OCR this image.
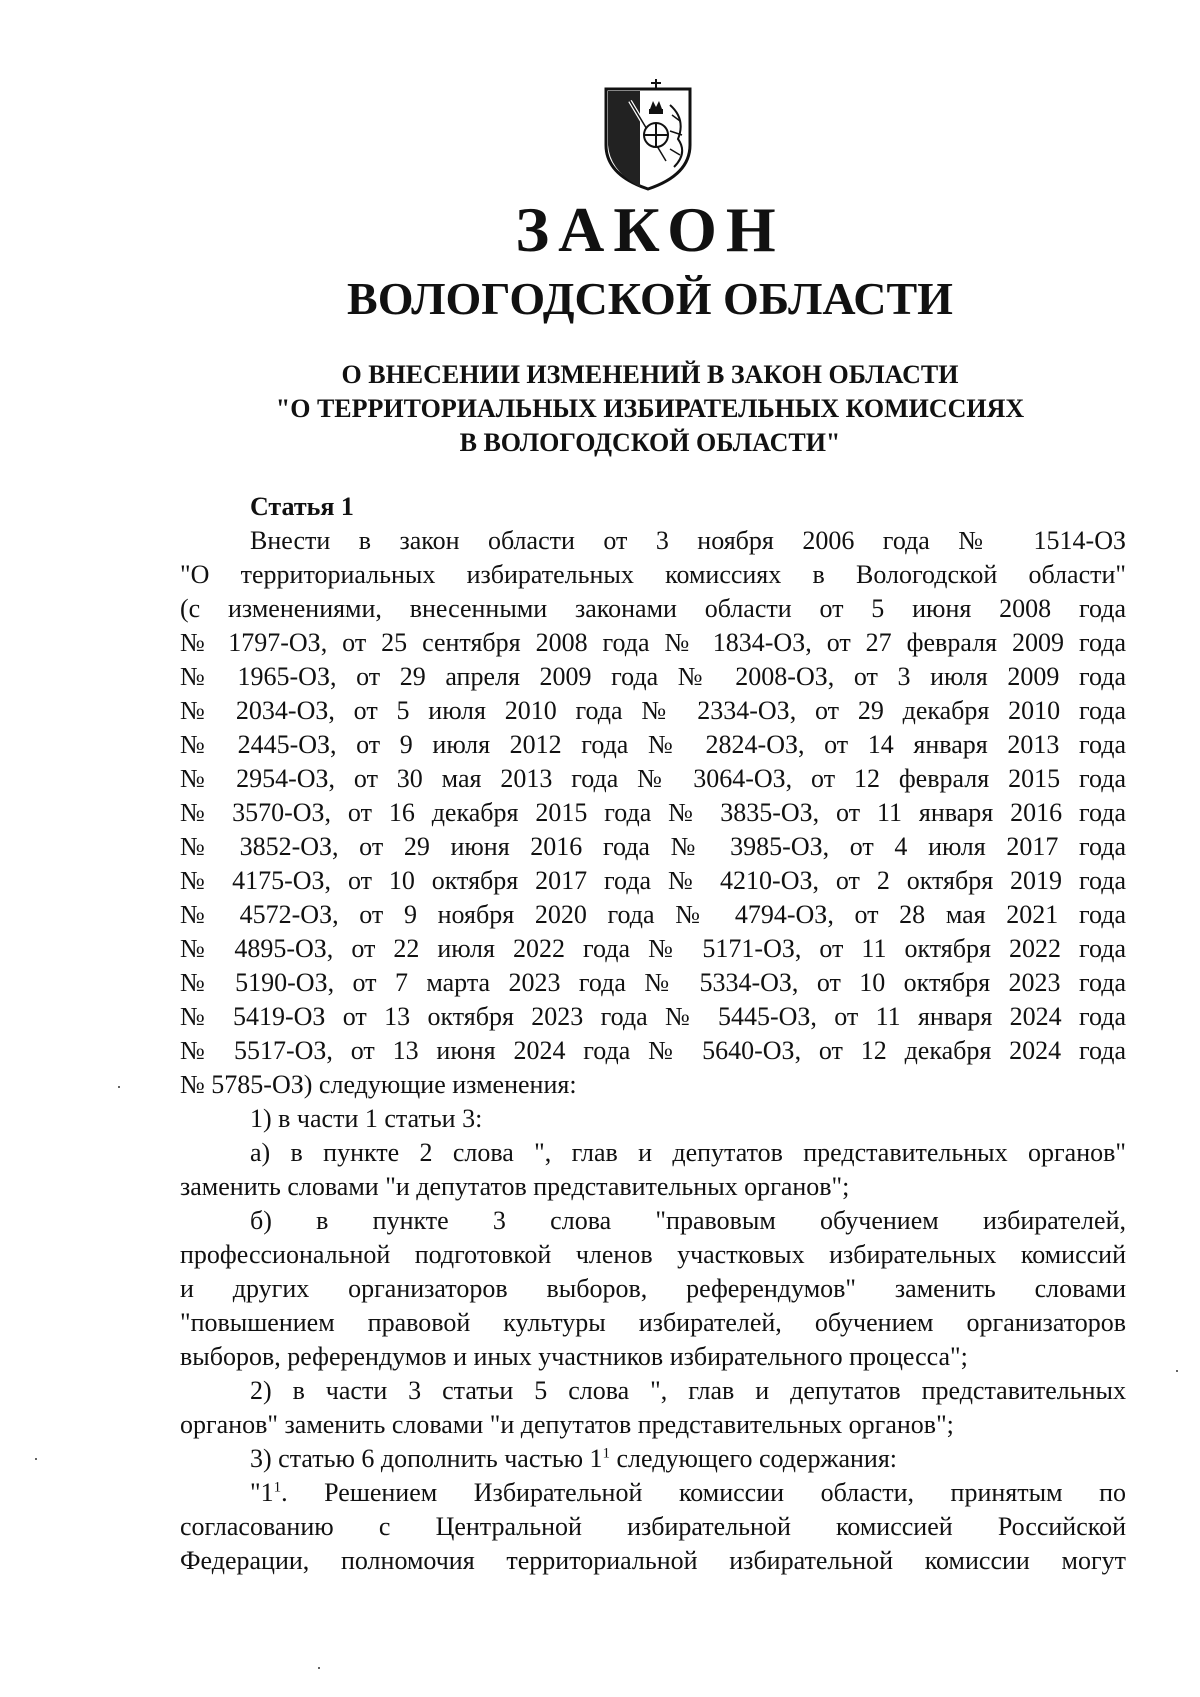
ЗАКОН
ВОЛОГОДСКОЙ ОБЛАСТИ
О ВНЕСЕНИИ ИЗМЕНЕНИЙ В ЗАКОН ОБЛАСТИ
"О ТЕРРИТОРИАЛЬНЫХ ИЗБИРАТЕЛЬНЫХ КОМИССИЯХ
В ВОЛОГОДСКОЙ ОБЛАСТИ"
Статья 1
Внести в закон области от 3 ноября 2006 года № 1514-ОЗ
"О территориальных избирательных комиссиях в Вологодской области"
(с изменениями, внесенными законами области от 5 июня 2008 года
№ 1797-ОЗ, от 25 сентября 2008 года № 1834-ОЗ, от 27 февраля 2009 года
№ 1965-ОЗ, от 29 апреля 2009 года № 2008-ОЗ, от 3 июля 2009 года
№ 2034-ОЗ, от 5 июля 2010 года № 2334-ОЗ, от 29 декабря 2010 года
№ 2445-ОЗ, от 9 июля 2012 года № 2824-ОЗ, от 14 января 2013 года
№ 2954-ОЗ, от 30 мая 2013 года № 3064-ОЗ, от 12 февраля 2015 года
№ 3570-ОЗ, от 16 декабря 2015 года № 3835-ОЗ, от 11 января 2016 года
№ 3852-ОЗ, от 29 июня 2016 года № 3985-ОЗ, от 4 июля 2017 года
№ 4175-ОЗ, от 10 октября 2017 года № 4210-ОЗ, от 2 октября 2019 года
№ 4572-ОЗ, от 9 ноября 2020 года № 4794-ОЗ, от 28 мая 2021 года
№ 4895-ОЗ, от 22 июля 2022 года № 5171-ОЗ, от 11 октября 2022 года
№ 5190-ОЗ, от 7 марта 2023 года № 5334-ОЗ, от 10 октября 2023 года
№ 5419-ОЗ от 13 октября 2023 года № 5445-ОЗ, от 11 января 2024 года
№ 5517-ОЗ, от 13 июня 2024 года № 5640-ОЗ, от 12 декабря 2024 года
№ 5785-ОЗ) следующие изменения:
1) в части 1 статьи 3:
а) в пункте 2 слова ", глав и депутатов представительных органов"
заменить словами "и депутатов представительных органов";
б) в пункте 3 слова "правовым обучением избирателей,
профессиональной подготовкой членов участковых избирательных комиссий
и других организаторов выборов, референдумов" заменить словами
"повышением правовой культуры избирателей, обучением организаторов
выборов, референдумов и иных участников избирательного процесса";
2) в части 3 статьи 5 слова ", глав и депутатов представительных
органов" заменить словами "и депутатов представительных органов";
3) статью 6 дополнить частью $1^1$ следующего содержания:
"$1^1$. Решением Избирательной комиссии области, принятым по
согласованию с Центральной избирательной комиссией Российской
Федерации, полномочия территориальной избирательной комиссии могут
